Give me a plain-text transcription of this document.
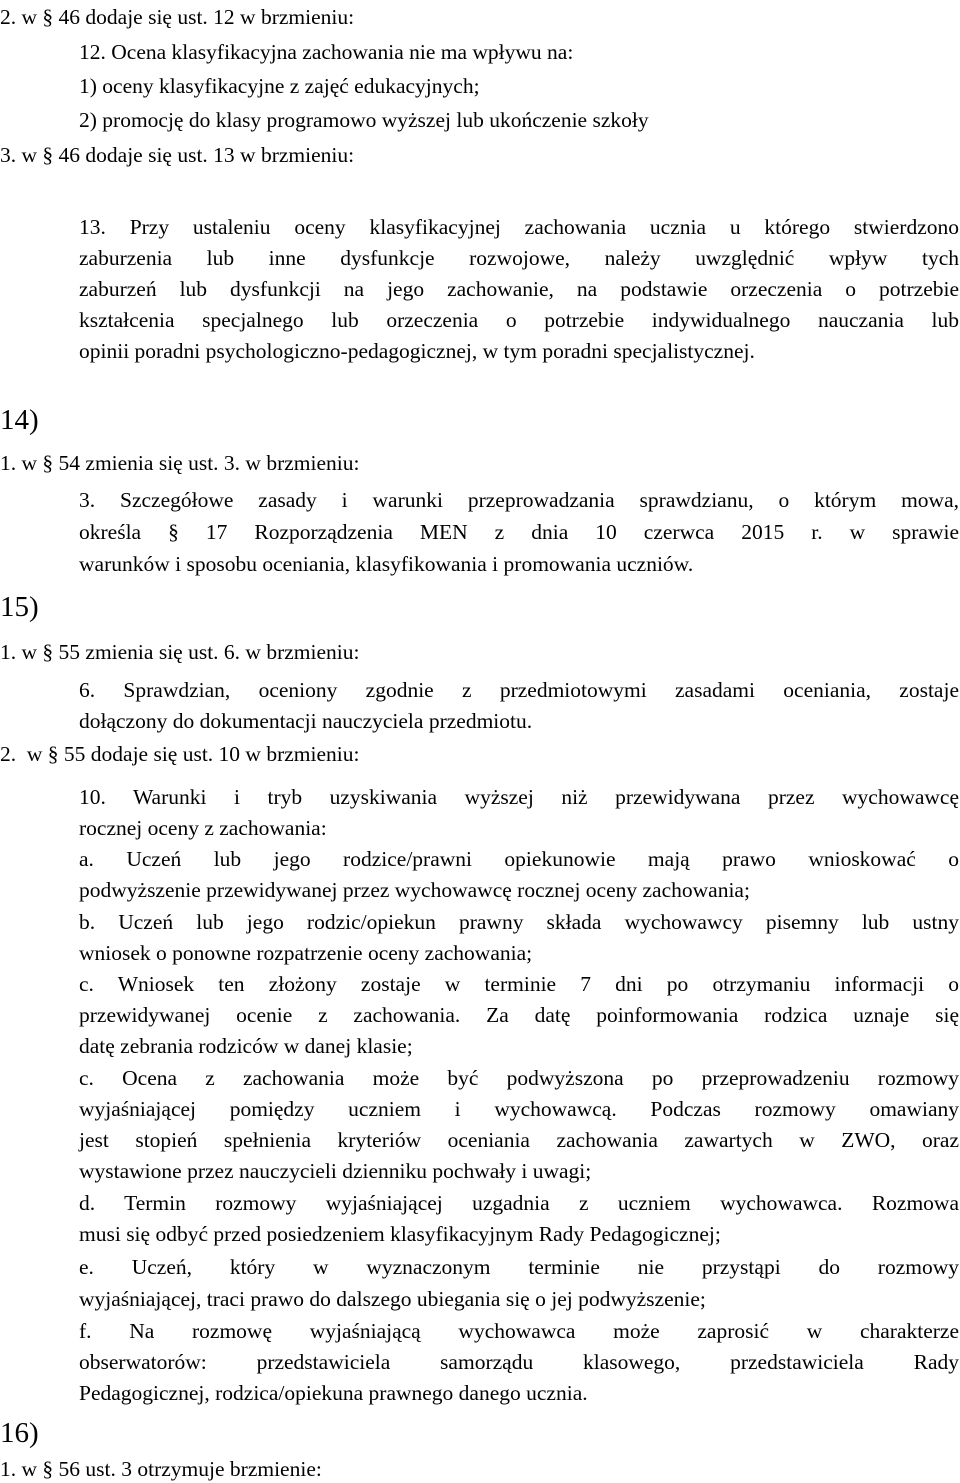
2. w § 46 dodaje się ust. 12 w brzmieniu:

12. Ocena klasyfikacyjna zachowania nie ma wpływu na:

1) oceny klasyfikacyjne z zajęć edukacyjnych;

2) promocję do klasy programowo wyższej lub ukończenie szkoły

3. w § 46 dodaje się ust. 13 w brzmieniu:

13. Przy ustaleniu oceny klasyfikacyjnej zachowania ucznia u którego stwierdzono

zaburzenia lub inne dysfunkcje rozwojowe, należy uwzględnić wpływ tych

zaburzeń lub dysfunkcji na jego zachowanie, na podstawie orzeczenia o potrzebie

kształcenia specjalnego lub orzeczenia o potrzebie indywidualnego nauczania lub

opinii poradni psychologiczno-pedagogicznej, w tym poradni specjalistycznej.

14)

1. w § 54 zmienia się ust. 3. w brzmieniu:

3. Szczegółowe zasady i warunki przeprowadzania sprawdzianu, o którym mowa,

określa § 17 Rozporządzenia MEN z dnia 10 czerwca 2015 r. w sprawie

warunków i sposobu oceniania, klasyfikowania i promowania uczniów.

15)

1. w § 55 zmienia się ust. 6. w brzmieniu:

6. Sprawdzian, oceniony zgodnie z przedmiotowymi zasadami oceniania, zostaje

dołączony do dokumentacji nauczyciela przedmiotu.

2.  w § 55 dodaje się ust. 10 w brzmieniu:

10. Warunki i tryb uzyskiwania wyższej niż przewidywana przez wychowawcę

rocznej oceny z zachowania:

a. Uczeń lub jego rodzice/prawni opiekunowie mają prawo wnioskować o

podwyższenie przewidywanej przez wychowawcę rocznej oceny zachowania;

b. Uczeń lub jego rodzic/opiekun prawny składa wychowawcy pisemny lub ustny

wniosek o ponowne rozpatrzenie oceny zachowania;

c. Wniosek ten złożony zostaje w terminie 7 dni po otrzymaniu informacji o

przewidywanej ocenie z zachowania. Za datę poinformowania rodzica uznaje się

datę zebrania rodziców w danej klasie;

c. Ocena z zachowania może być podwyższona po przeprowadzeniu rozmowy

wyjaśniającej pomiędzy uczniem i wychowawcą. Podczas rozmowy omawiany

jest stopień spełnienia kryteriów oceniania zachowania zawartych w ZWO, oraz

wystawione przez nauczycieli dzienniku pochwały i uwagi;

d. Termin rozmowy wyjaśniającej uzgadnia z uczniem wychowawca. Rozmowa

musi się odbyć przed posiedzeniem klasyfikacyjnym Rady Pedagogicznej;

e. Uczeń, który w wyznaczonym terminie nie przystąpi do rozmowy

wyjaśniającej, traci prawo do dalszego ubiegania się o jej podwyższenie;

f. Na rozmowę wyjaśniającą wychowawca może zaprosić w charakterze

obserwatorów: przedstawiciela samorządu klasowego, przedstawiciela Rady

Pedagogicznej, rodzica/opiekuna prawnego danego ucznia.

16)

1. w § 56 ust. 3 otrzymuje brzmienie:
